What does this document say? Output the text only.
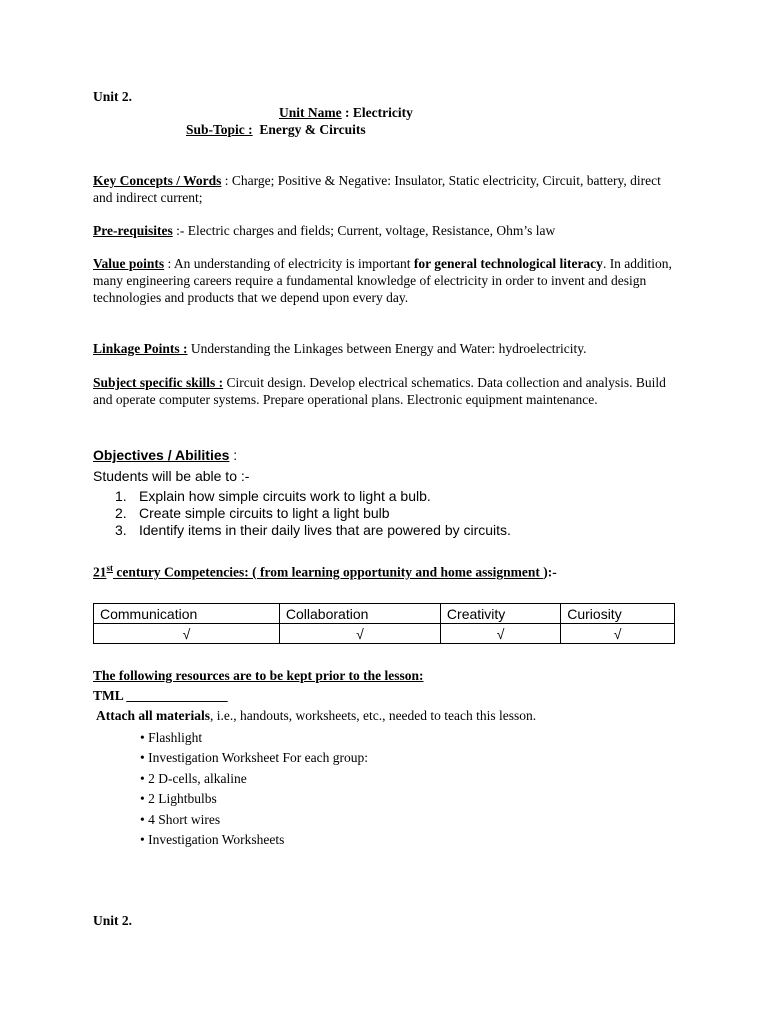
Unit 2.
Unit Name : Electricity
Sub-Topic : Energy & Circuits
Key Concepts / Words : Charge; Positive & Negative: Insulator, Static electricity, Circuit, battery, direct and indirect current;
Pre-requisites :- Electric charges and fields; Current, voltage, Resistance, Ohm’s law
Value points : An understanding of electricity is important for general technological literacy. In addition, many engineering careers require a fundamental knowledge of electricity in order to invent and design technologies and products that we depend upon every day.
Linkage Points : Understanding the Linkages between Energy and Water: hydroelectricity.
Subject specific skills : Circuit design. Develop electrical schematics. Data collection and analysis. Build and operate computer systems. Prepare operational plans. Electronic equipment maintenance.
Objectives / Abilities :
Students will be able to :-
1. Explain how simple circuits work to light a bulb.
2. Create simple circuits to light a light bulb
3. Identify items in their daily lives that are powered by circuits.
21st century Competencies: ( from learning opportunity and home assignment ):-
Communication	Collaboration	Creativity	Curiosity
√	√	√	√
The following resources are to be kept prior to the lesson:
TML _______________
Attach all materials, i.e., handouts, worksheets, etc., needed to teach this lesson.
• Flashlight
• Investigation Worksheet For each group:
• 2 D-cells, alkaline
• 2 Lightbulbs
• 4 Short wires
• Investigation Worksheets
Unit 2.
